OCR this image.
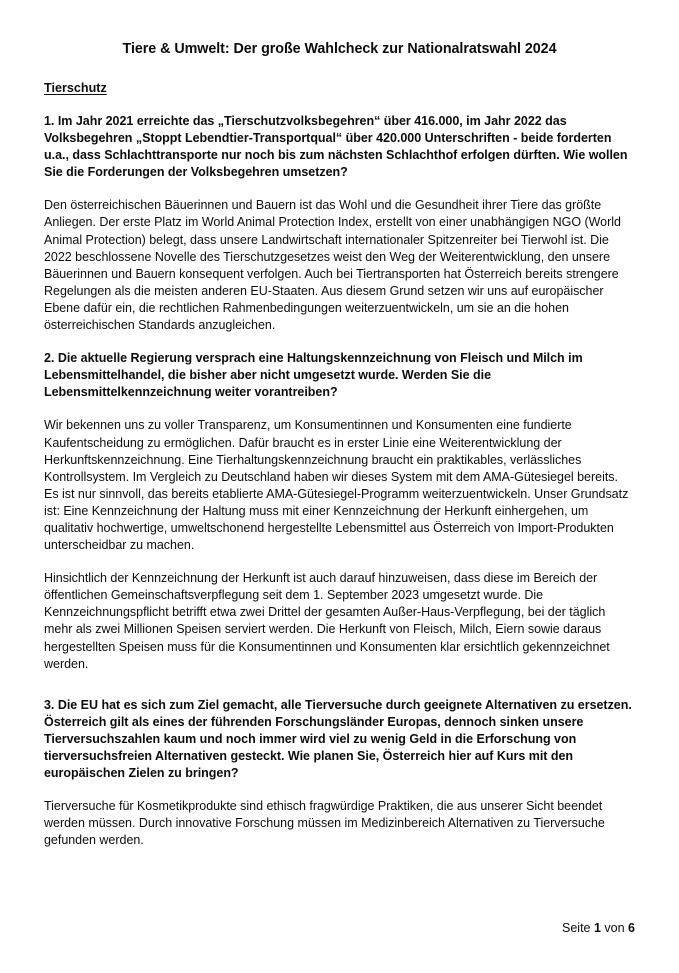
Tiere & Umwelt: Der große Wahlcheck zur Nationalratswahl 2024
Tierschutz

1. Im Jahr 2021 erreichte das „Tierschutzvolksbegehren“ über 416.000, im Jahr 2022 das Volksbegehren „Stoppt Lebendtier-Transportqual“ über 420.000 Unterschriften - beide forderten u.a., dass Schlachttransporte nur noch bis zum nächsten Schlachthof erfolgen dürften. Wie wollen Sie die Forderungen der Volksbegehren umsetzen?

Den österreichischen Bäuerinnen und Bauern ist das Wohl und die Gesundheit ihrer Tiere das größte Anliegen. Der erste Platz im World Animal Protection Index, erstellt von einer unabhängigen NGO (World Animal Protection) belegt, dass unsere Landwirtschaft internationaler Spitzenreiter bei Tierwohl ist. Die 2022 beschlossene Novelle des Tierschutzgesetzes weist den Weg der Weiterentwicklung, den unsere Bäuerinnen und Bauern konsequent verfolgen. Auch bei Tiertransporten hat Österreich bereits strengere Regelungen als die meisten anderen EU-Staaten. Aus diesem Grund setzen wir uns auf europäischer Ebene dafür ein, die rechtlichen Rahmenbedingungen weiterzuentwickeln, um sie an die hohen österreichischen Standards anzugleichen.

2. Die aktuelle Regierung versprach eine Haltungskennzeichnung von Fleisch und Milch im Lebensmittelhandel, die bisher aber nicht umgesetzt wurde. Werden Sie die Lebensmittelkennzeichnung weiter vorantreiben?

Wir bekennen uns zu voller Transparenz, um Konsumentinnen und Konsumenten eine fundierte Kaufentscheidung zu ermöglichen. Dafür braucht es in erster Linie eine Weiterentwicklung der Herkunftskennzeichnung. Eine Tierhaltungskennzeichnung braucht ein praktikables, verlässliches Kontrollsystem. Im Vergleich zu Deutschland haben wir dieses System mit dem AMA-Gütesiegel bereits. Es ist nur sinnvoll, das bereits etablierte AMA-Gütesiegel-Programm weiterzuentwickeln. Unser Grundsatz ist: Eine Kennzeichnung der Haltung muss mit einer Kennzeichnung der Herkunft einhergehen, um qualitativ hochwertige, umweltschonend hergestellte Lebensmittel aus Österreich von Import-Produkten unterscheidbar zu machen.

Hinsichtlich der Kennzeichnung der Herkunft ist auch darauf hinzuweisen, dass diese im Bereich der öffentlichen Gemeinschaftsverpflegung seit dem 1. September 2023 umgesetzt wurde. Die Kennzeichnungspflicht betrifft etwa zwei Drittel der gesamten Außer-Haus-Verpflegung, bei der täglich mehr als zwei Millionen Speisen serviert werden. Die Herkunft von Fleisch, Milch, Eiern sowie daraus hergestellten Speisen muss für die Konsumentinnen und Konsumenten klar ersichtlich gekennzeichnet werden.

3. Die EU hat es sich zum Ziel gemacht, alle Tierversuche durch geeignete Alternativen zu ersetzen. Österreich gilt als eines der führenden Forschungsländer Europas, dennoch sinken unsere Tierversuchszahlen kaum und noch immer wird viel zu wenig Geld in die Erforschung von tierversuchsfreien Alternativen gesteckt. Wie planen Sie, Österreich hier auf Kurs mit den europäischen Zielen zu bringen?

Tierversuche für Kosmetikprodukte sind ethisch fragwürdige Praktiken, die aus unserer Sicht beendet werden müssen. Durch innovative Forschung müssen im Medizinbereich Alternativen zu Tierversuche gefunden werden.

Seite 1 von 6
